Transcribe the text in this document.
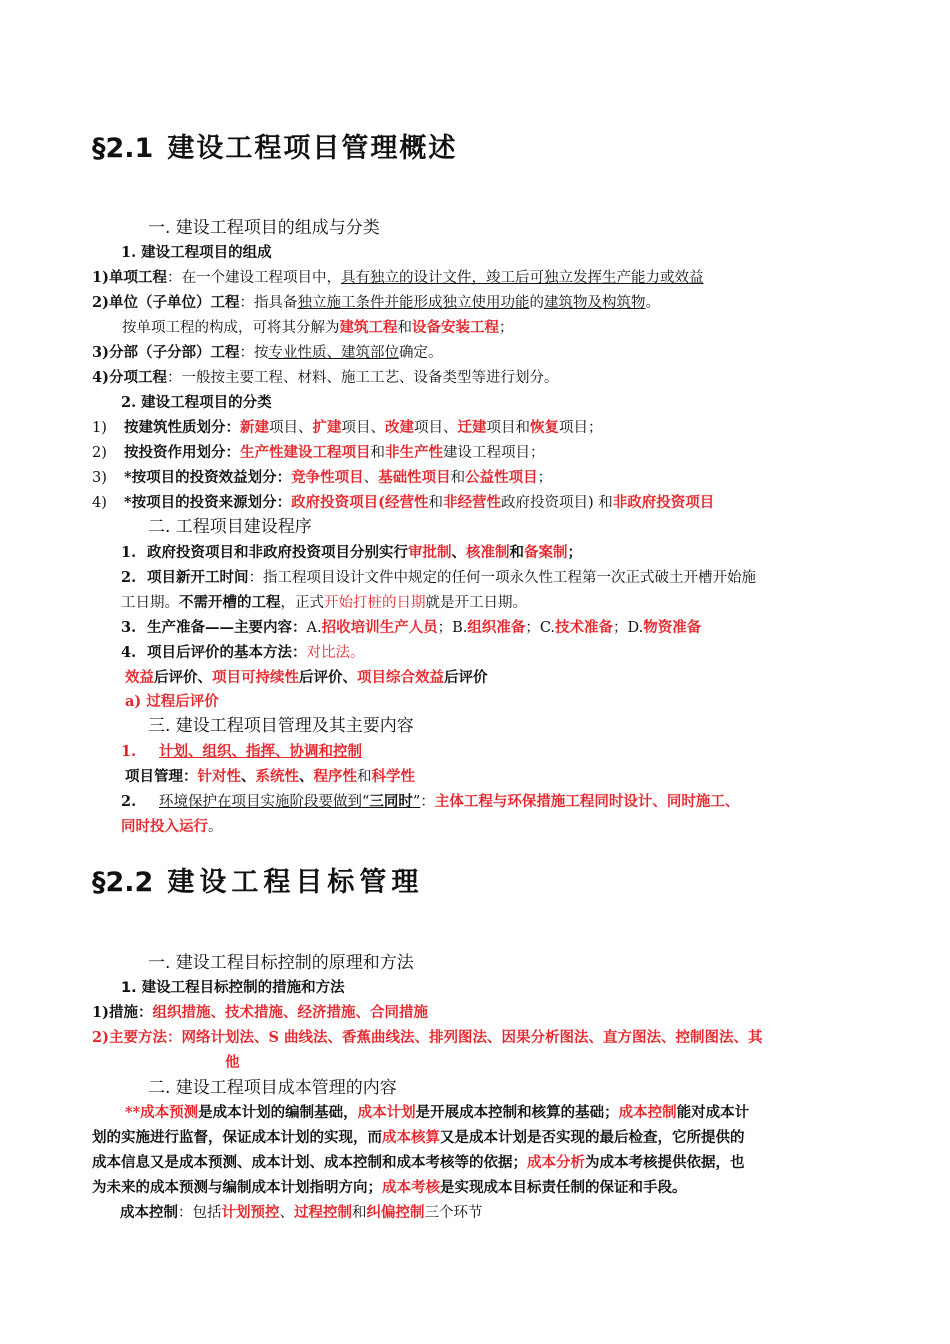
§2.1 建设工程项目管理概述
一. 建设工程项目的组成与分类
1. 建设工程项目的组成
1)单项工程：在一个建设工程项目中，具有独立的设计文件，竣工后可独立发挥生产能力或效益
2)单位（子单位）工程：指具备独立施工条件并能形成独立使用功能的建筑物及构筑物。
按单项工程的构成，可将其分解为建筑工程和设备安装工程；
3)分部（子分部）工程：按专业性质、建筑部位确定。
4)分项工程：一般按主要工程、材料、施工工艺、设备类型等进行划分。
2. 建设工程项目的分类
1) 按建筑性质划分：新建项目、扩建项目、改建项目、迁建项目和恢复项目；
2) 按投资作用划分：生产性建设工程项目和非生产性建设工程项目；
3) *按项目的投资效益划分：竞争性项目、基础性项目和公益性项目；
4) *按项目的投资来源划分：政府投资项目(经营性和非经营性政府投资项目) 和非政府投资项目
二. 工程项目建设程序
1. 政府投资项目和非政府投资项目分别实行审批制、核准制和备案制；
2. 项目新开工时间：指工程项目设计文件中规定的任何一项永久性工程第一次正式破土开槽开始施
工日期。不需开槽的工程，正式开始打桩的日期就是开工日期。
3. 生产准备——主要内容：A.招收培训生产人员；B.组织准备；C.技术准备；D.物资准备
4. 项目后评价的基本方法：对比法。
效益后评价、项目可持续性后评价、项目综合效益后评价
a) 过程后评价
三. 建设工程项目管理及其主要内容
1. 计划、组织、指挥、协调和控制
项目管理：针对性、系统性、程序性和科学性
2. 环境保护在项目实施阶段要做到“三同时”：主体工程与环保措施工程同时设计、同时施工、
同时投入运行。
§2.2 建设工程目标管理
一. 建设工程目标控制的原理和方法
1. 建设工程目标控制的措施和方法
1)措施：组织措施、技术措施、经济措施、合同措施
2)主要方法：网络计划法、S 曲线法、香蕉曲线法、排列图法、因果分析图法、直方图法、控制图法、其
他
二. 建设工程项目成本管理的内容
**成本预测是成本计划的编制基础，成本计划是开展成本控制和核算的基础；成本控制能对成本计
划的实施进行监督，保证成本计划的实现，而成本核算又是成本计划是否实现的最后检查，它所提供的
成本信息又是成本预测、成本计划、成本控制和成本考核等的依据；成本分析为成本考核提供依据，也
为未来的成本预测与编制成本计划指明方向；成本考核是实现成本目标责任制的保证和手段。
成本控制：包括计划预控、过程控制和纠偏控制三个环节
